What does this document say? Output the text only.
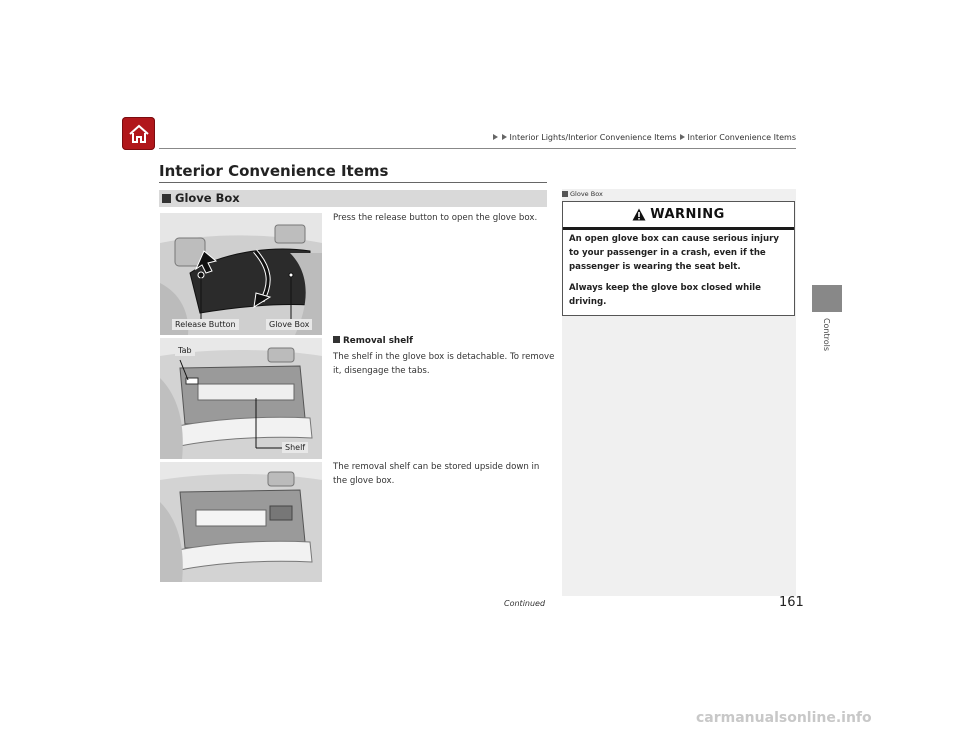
Interior Lights/Interior Convenience Items Interior Convenience Items
Controls
Interior Convenience Items
Glove Box
Release Button	Glove Box
Tab
Shelf
Press the release button to open the glove box.
Removal shelf
The shelf in the glove box is detachable. To remove it, disengage the tabs.
The removal shelf can be stored upside down in the glove box.
Glove Box
WARNING

An open glove box can cause serious injury to your passenger in a crash, even if the passenger is wearing the seat belt.

Always keep the glove box closed while driving.

Continued	161
carmanualsonline.info
